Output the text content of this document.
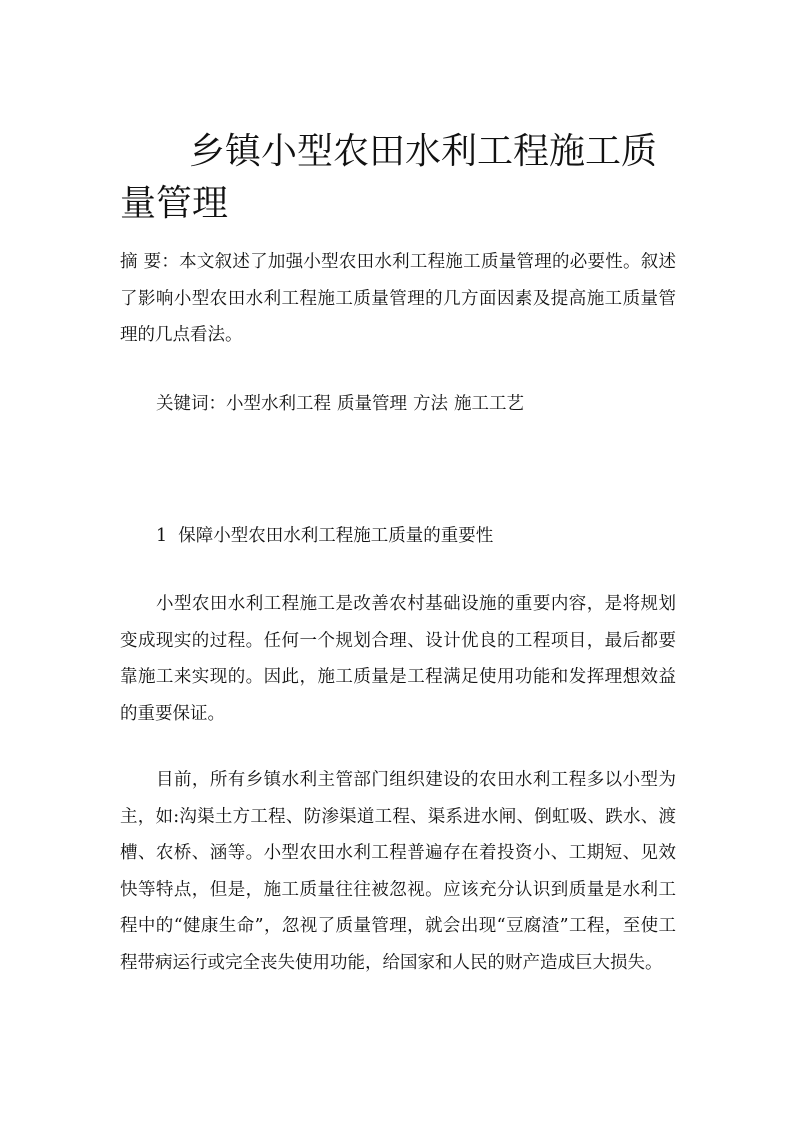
乡镇小型农田水利工程施工质量管理

摘 要：本文叙述了加强小型农田水利工程施工质量管理的必要性。叙述了影响小型农田水利工程施工质量管理的几方面因素及提高施工质量管理的几点看法。

关键词：小型水利工程 质量管理 方法 施工工艺

1  保障小型农田水利工程施工质量的重要性

小型农田水利工程施工是改善农村基础设施的重要内容，是将规划变成现实的过程。任何一个规划合理、设计优良的工程项目，最后都要靠施工来实现的。因此，施工质量是工程满足使用功能和发挥理想效益的重要保证。

目前，所有乡镇水利主管部门组织建设的农田水利工程多以小型为主，如:沟渠土方工程、防渗渠道工程、渠系进水闸、倒虹吸、跌水、渡槽、农桥、涵等。小型农田水利工程普遍存在着投资小、工期短、见效快等特点，但是，施工质量往往被忽视。应该充分认识到质量是水利工程中的“健康生命”，忽视了质量管理，就会出现“豆腐渣”工程，至使工程带病运行或完全丧失使用功能，给国家和人民的财产造成巨大损失。
